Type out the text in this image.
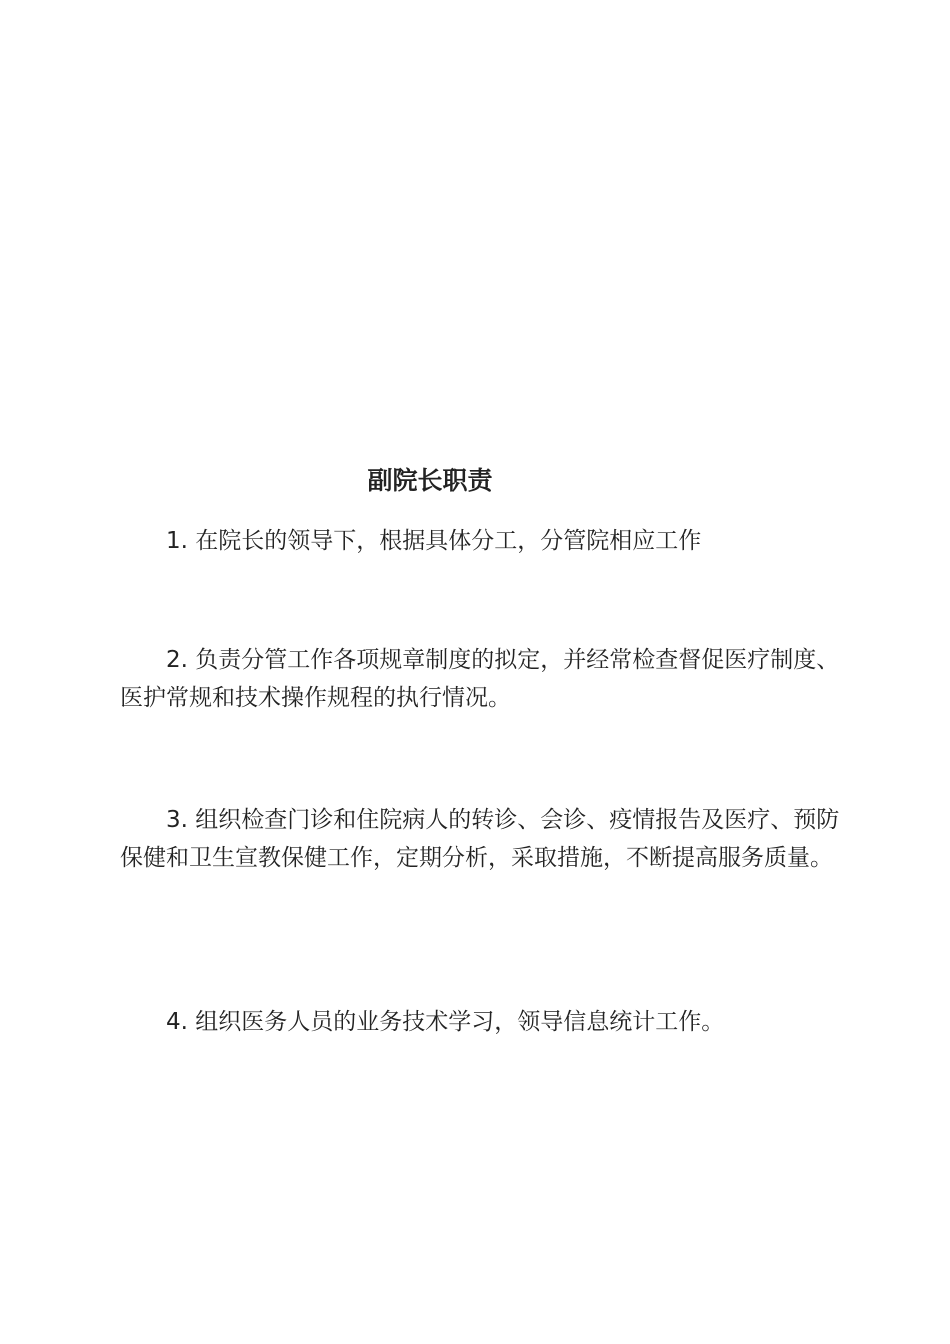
副院长职责
1. 在院长的领导下，根据具体分工，分管院相应工作
2. 负责分管工作各项规章制度的拟定，并经常检查督促医疗制度、医护常规和技术操作规程的执行情况。
3. 组织检查门诊和住院病人的转诊、会诊、疫情报告及医疗、预防保健和卫生宣教保健工作，定期分析，采取措施，不断提高服务质量。
4. 组织医务人员的业务技术学习，领导信息统计工作。
